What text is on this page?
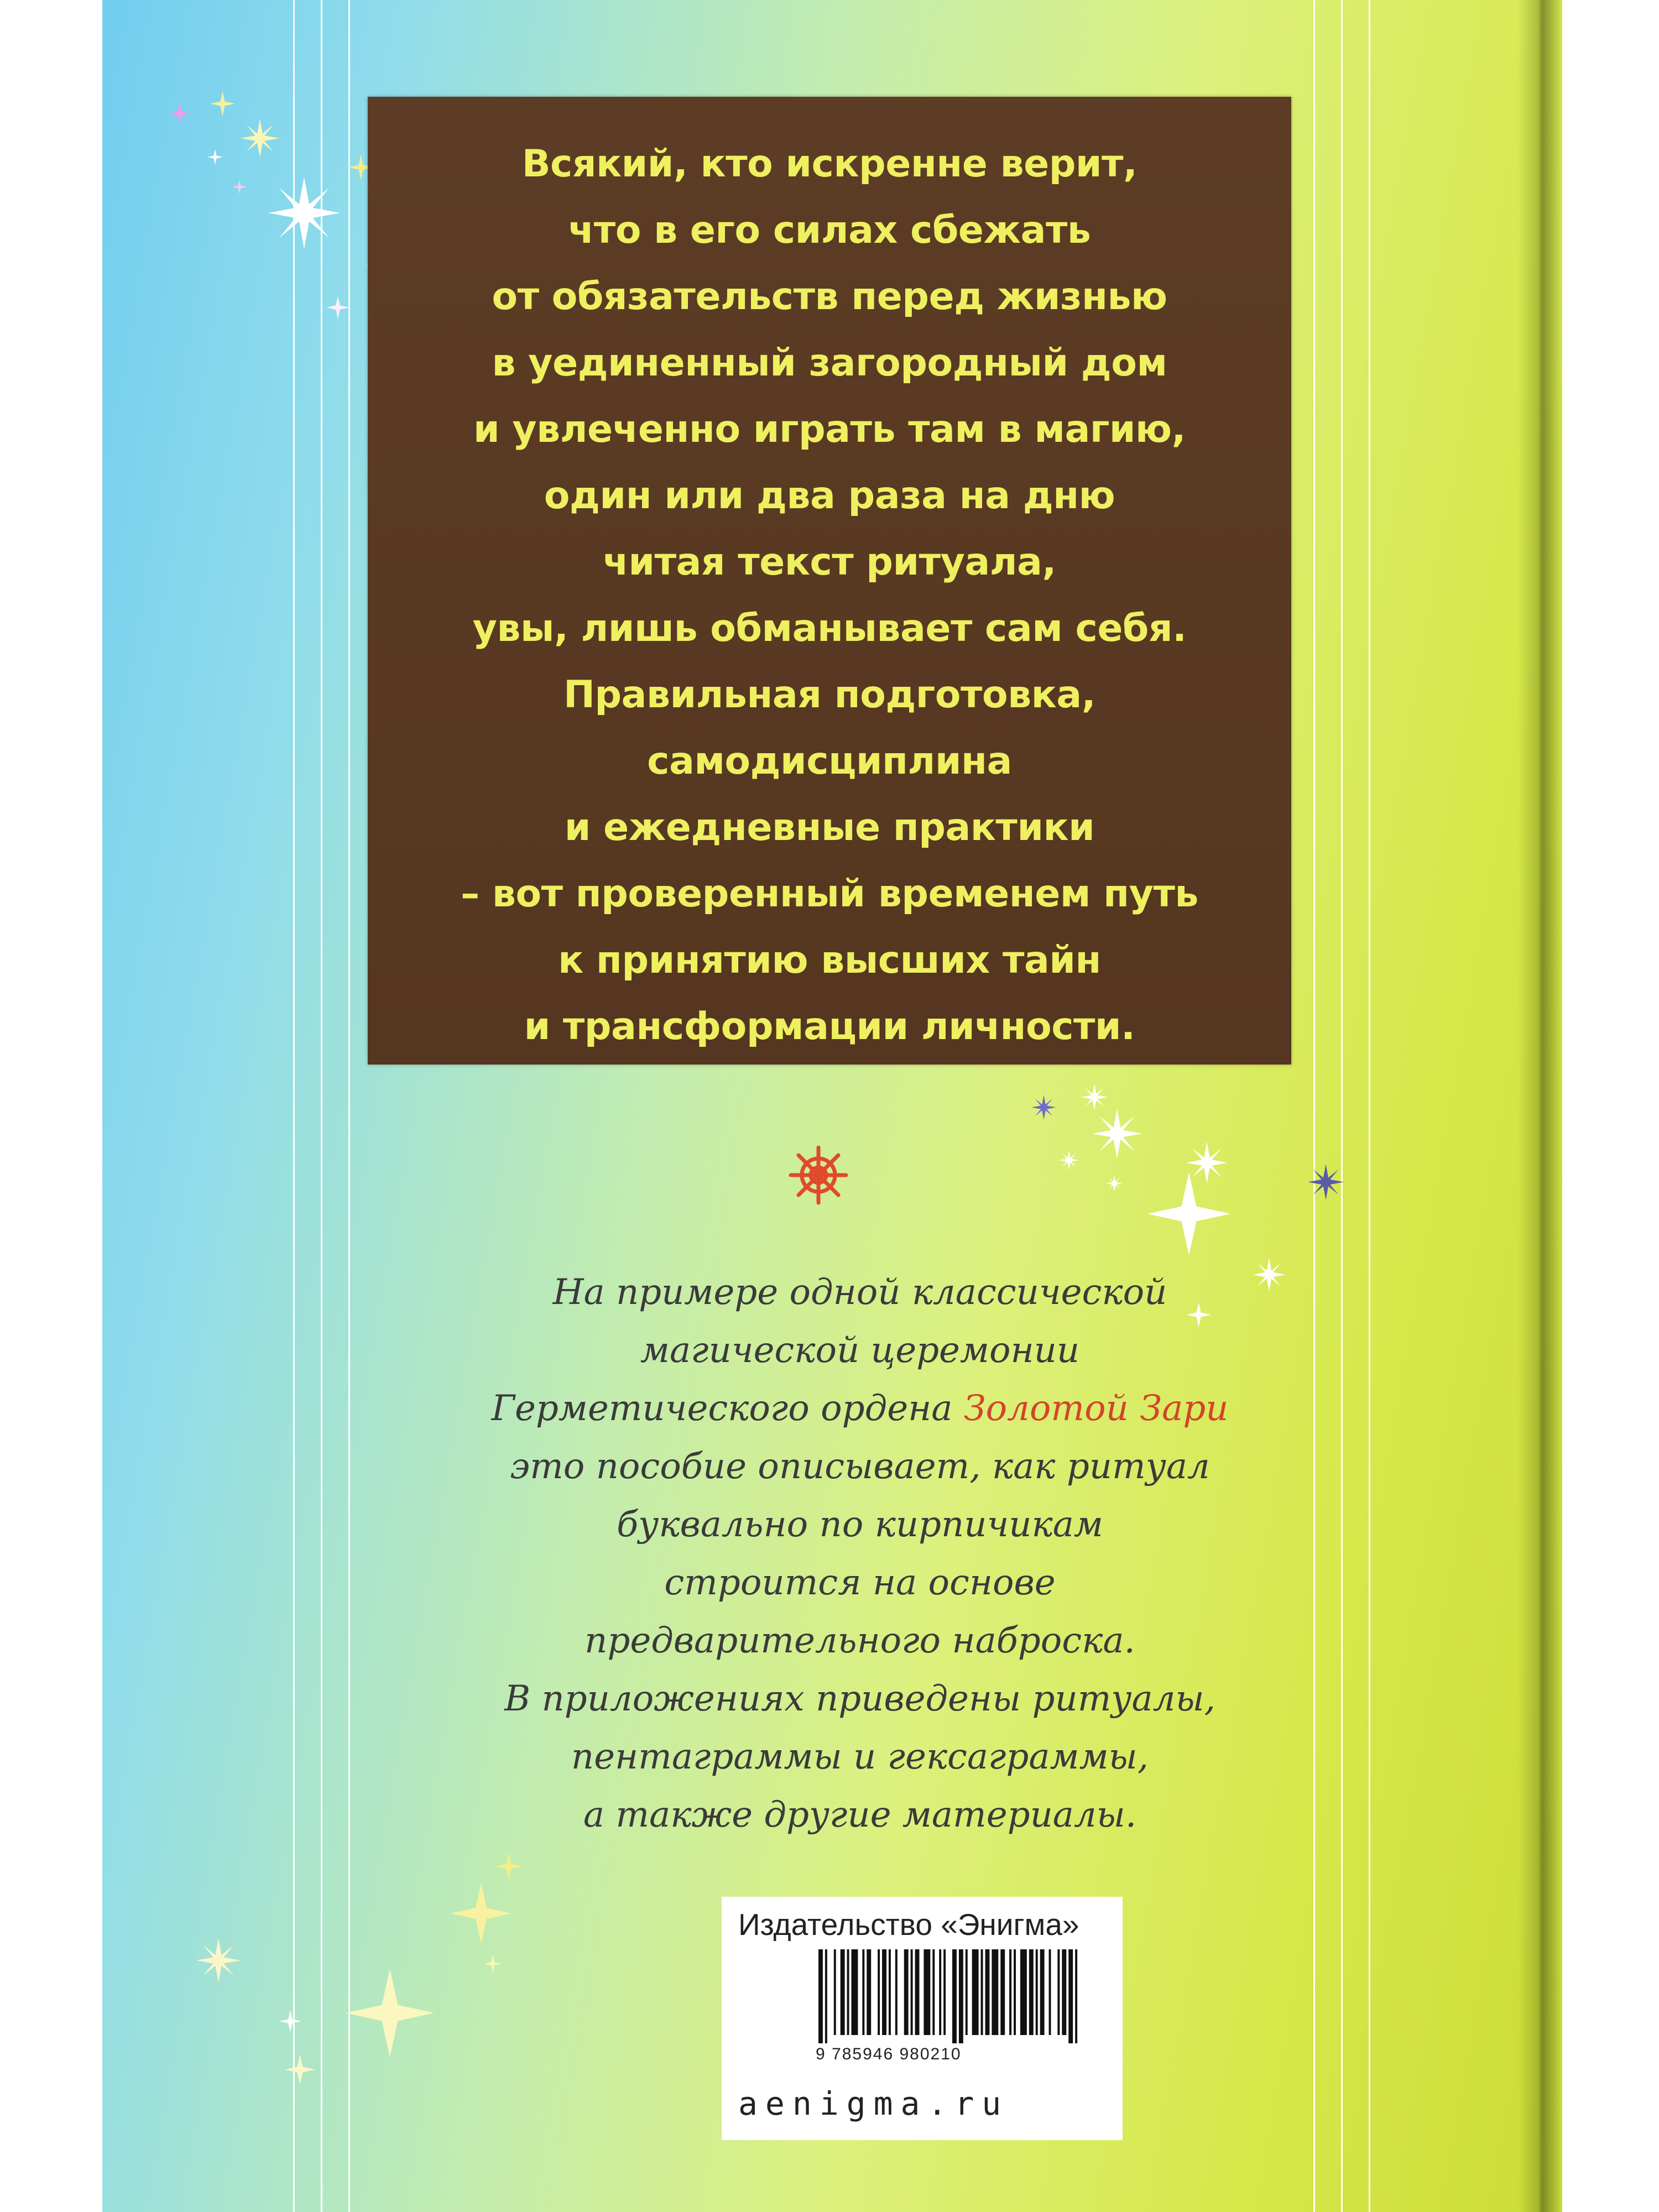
Всякий, кто искренне верит,
что в его силах сбежать
от обязательств перед жизнью
в уединенный загородный дом
и увлеченно играть там в магию,
один или два раза на дню
читая текст ритуала,
увы, лишь обманывает сам себя.
Правильная подготовка,
самодисциплина
и ежедневные практики
– вот проверенный временем путь
к принятию высших тайн
и трансформации личности.
На примере одной классической
магической церемонии
Герметического ордена Золотой Зари
это пособие описывает, как ритуал
буквально по кирпичикам
строится на основе
предварительного наброска.
В приложениях приведены ритуалы,
пентаграммы и гексаграммы,
а также другие материалы.
Издательство «Энигма»
9 785946 980210
aenigma.ru
